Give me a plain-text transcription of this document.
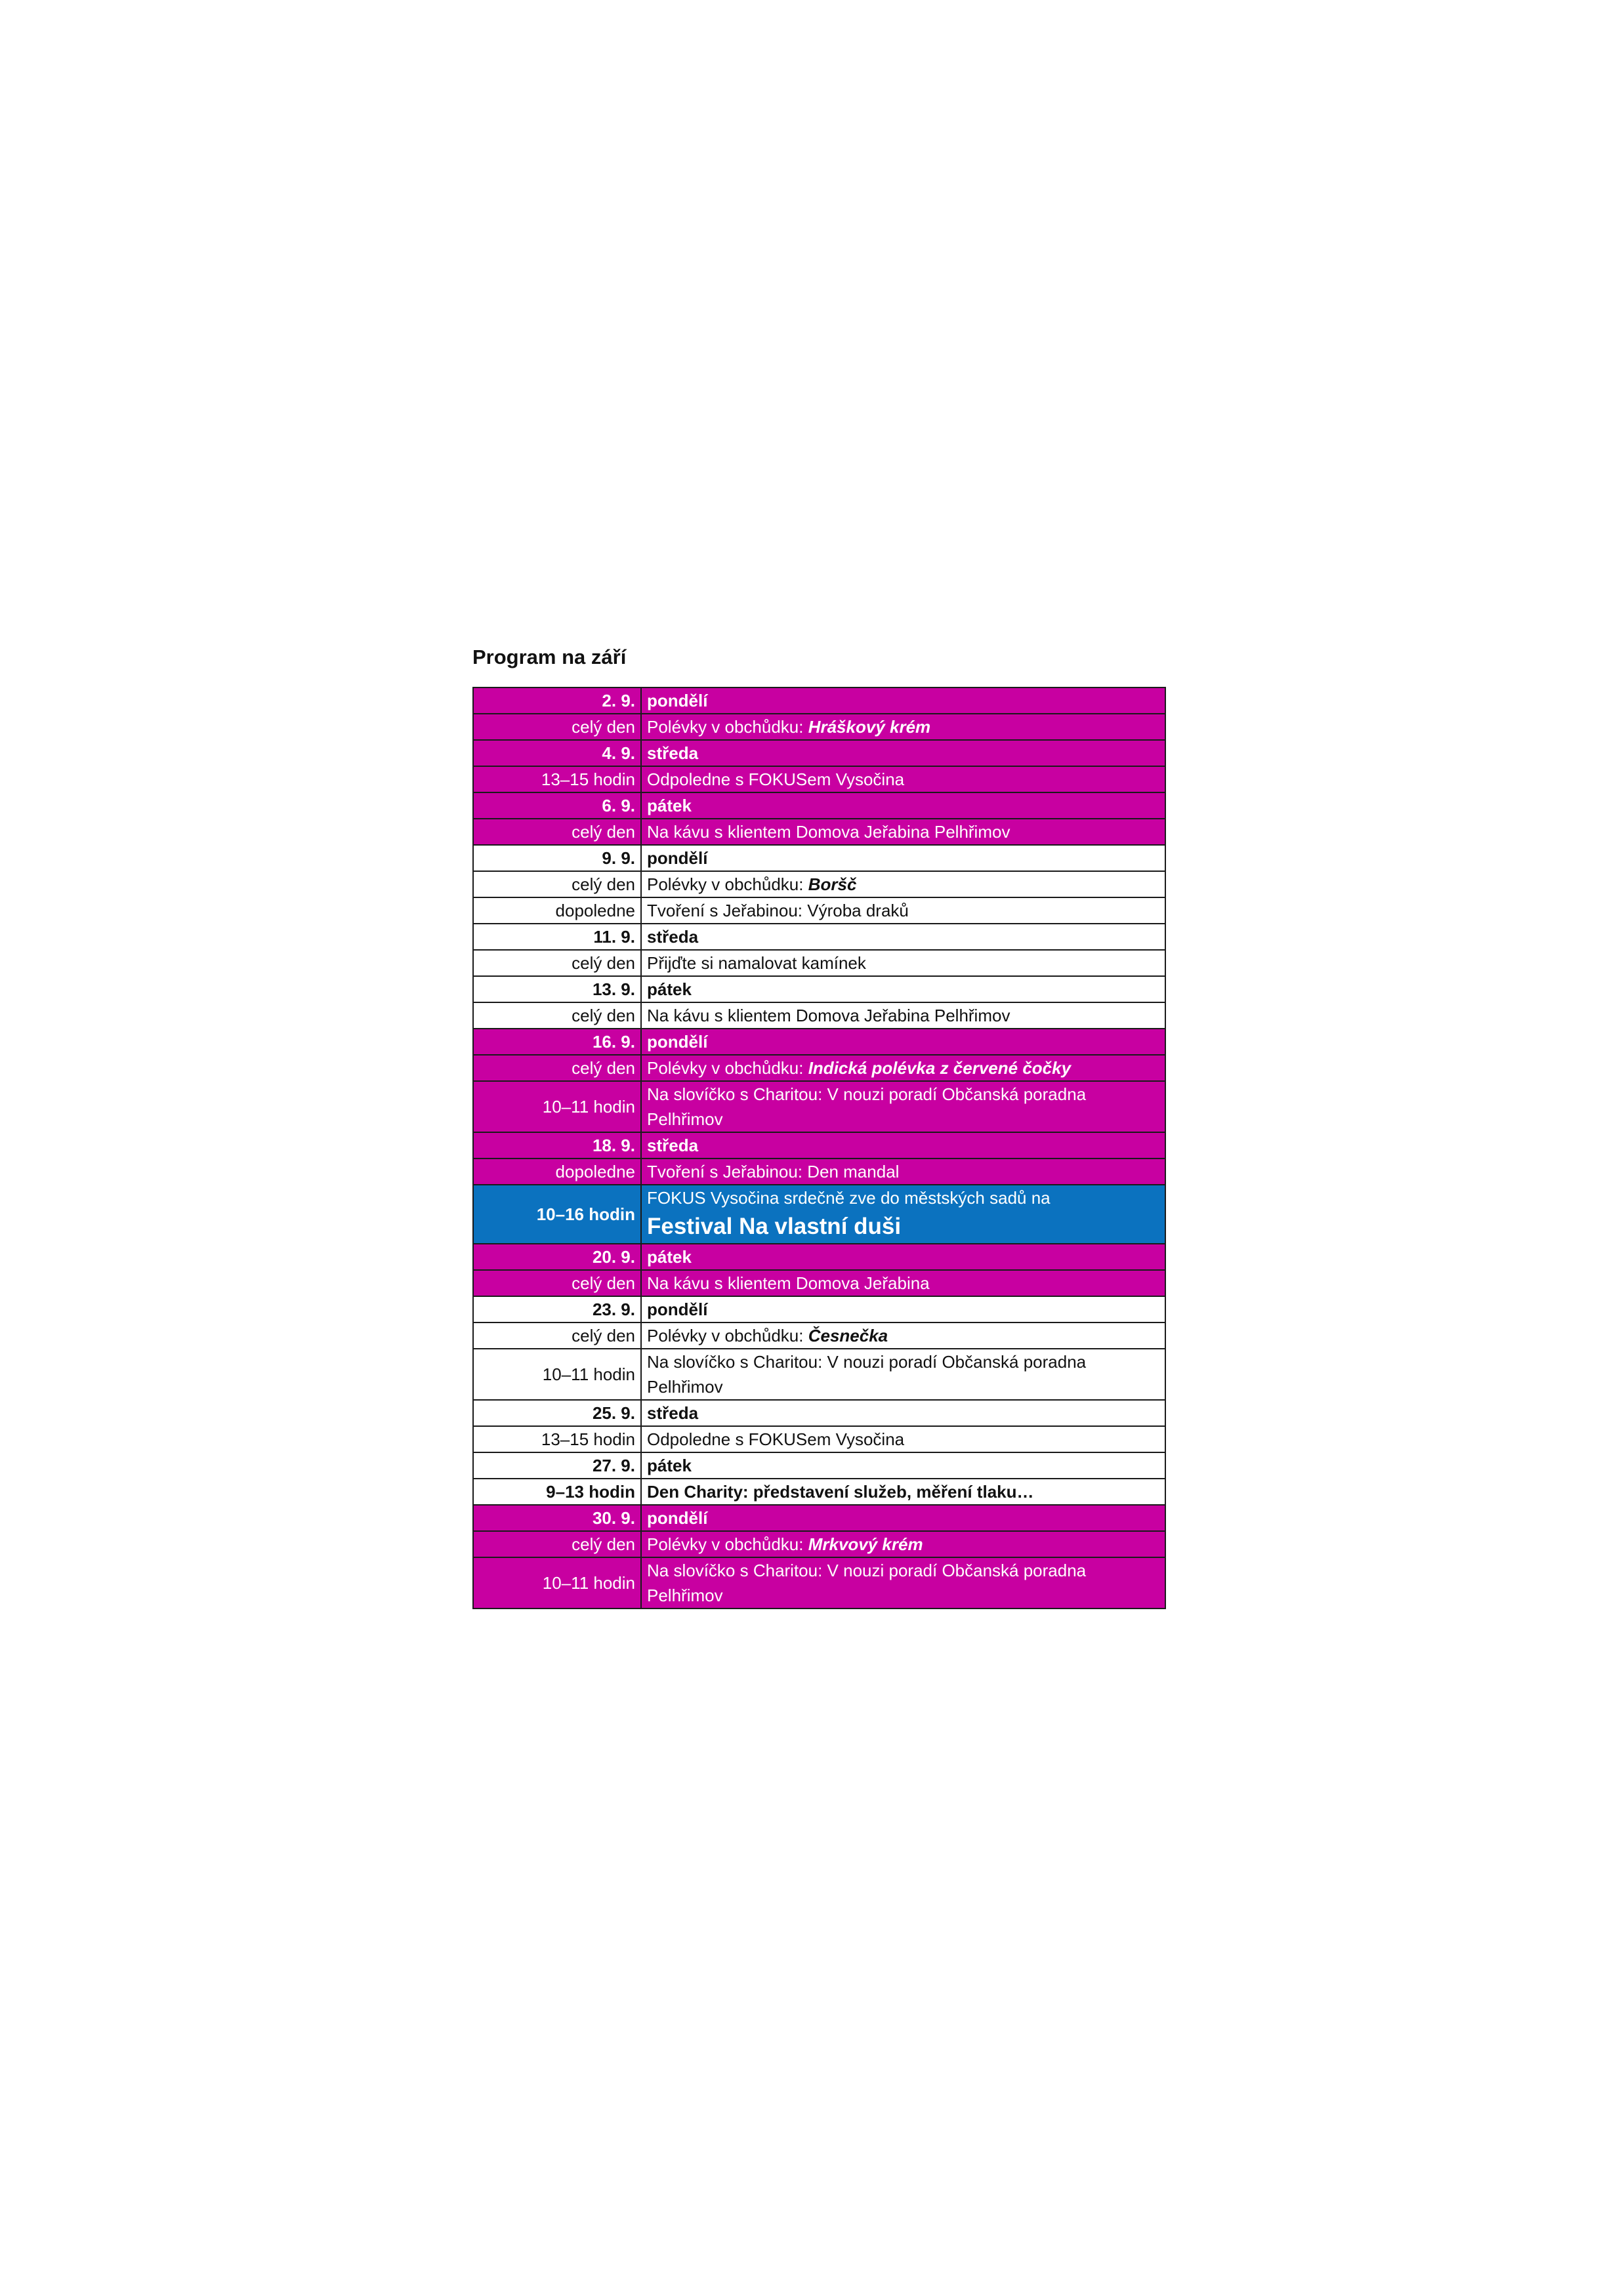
Program na září
2. 9.	pondělí
celý den	Polévky v obchůdku: Hráškový krém
4. 9.	středa
13–15 hodin	Odpoledne s FOKUSem Vysočina
6. 9.	pátek
celý den	Na kávu s klientem Domova Jeřabina Pelhřimov
9. 9.	pondělí
celý den	Polévky v obchůdku: Boršč
dopoledne	Tvoření s Jeřabinou: Výroba draků
11. 9.	středa
celý den	Přijďte si namalovat kamínek
13. 9.	pátek
celý den	Na kávu s klientem Domova Jeřabina Pelhřimov
16. 9.	pondělí
celý den	Polévky v obchůdku: Indická polévka z červené čočky
10–11 hodin	Na slovíčko s Charitou: V nouzi poradí Občanská poradna
Pelhřimov

18. 9.	středa
dopoledne	Tvoření s Jeřabinou: Den mandal
10–16 hodin	FOKUS Vysočina srdečně zve do městských sadů na
Festival Na vlastní duši

20. 9.	pátek
celý den	Na kávu s klientem Domova Jeřabina
23. 9.	pondělí
celý den	Polévky v obchůdku: Česnečka
10–11 hodin	Na slovíčko s Charitou: V nouzi poradí Občanská poradna
Pelhřimov

25. 9.	středa
13–15 hodin	Odpoledne s FOKUSem Vysočina
27. 9.	pátek
9–13 hodin	Den Charity: představení služeb, měření tlaku…
30. 9.	pondělí
celý den	Polévky v obchůdku: Mrkvový krém
10–11 hodin	Na slovíčko s Charitou: V nouzi poradí Občanská poradna
Pelhřimov
